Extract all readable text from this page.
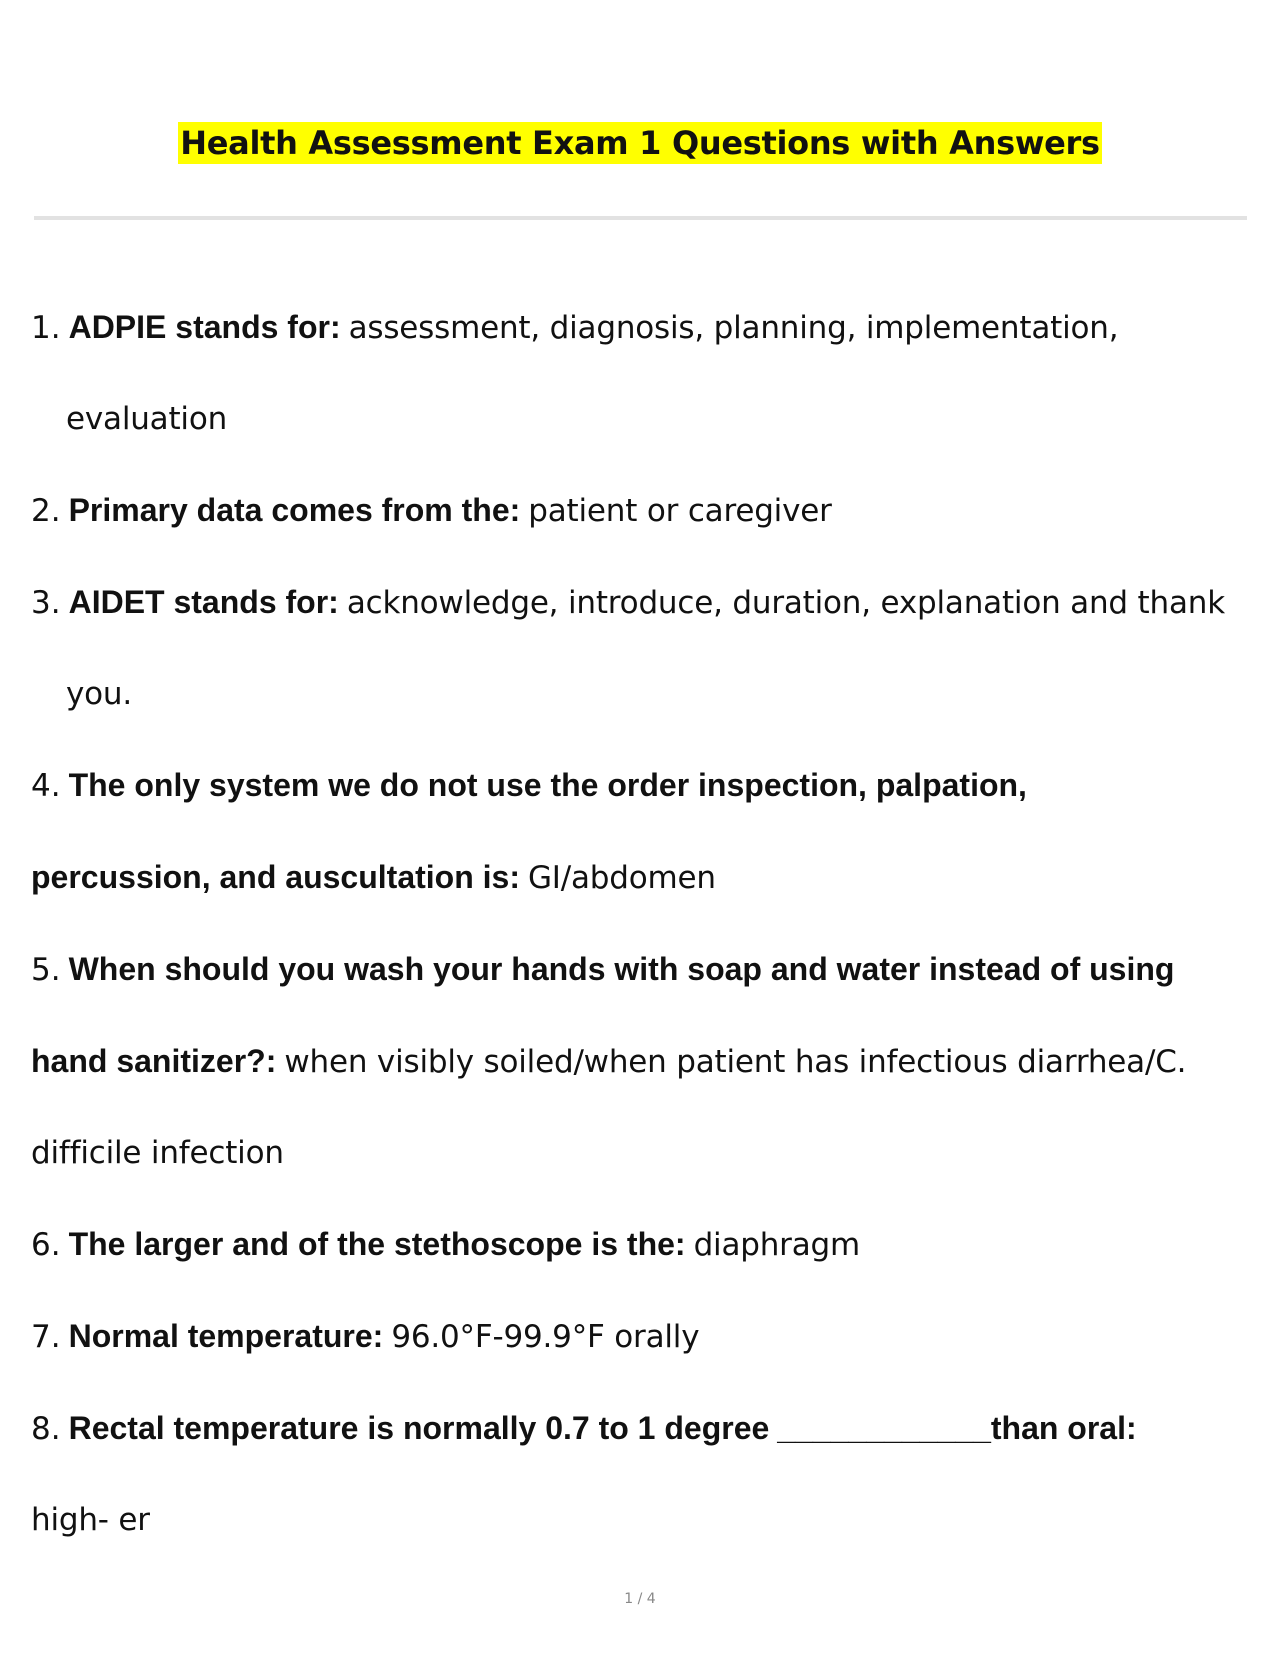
Health Assessment Exam 1 Questions with Answers
1. ADPIE stands for: assessment, diagnosis, planning, implementation,
evaluation
2. Primary data comes from the: patient or caregiver
3. AIDET stands for: acknowledge, introduce, duration, explanation and thank
you.
4. The only system we do not use the order inspection, palpation,
percussion, and auscultation is: GI/abdomen
5. When should you wash your hands with soap and water instead of using
hand sanitizer?: when visibly soiled/when patient has infectious diarrhea/C.
difficile infection
6. The larger and of the stethoscope is the: diaphragm
7. Normal temperature: 96.0°F-99.9°F orally
8. Rectal temperature is normally 0.7 to 1 degree ____________than oral:
high- er
1 / 4
